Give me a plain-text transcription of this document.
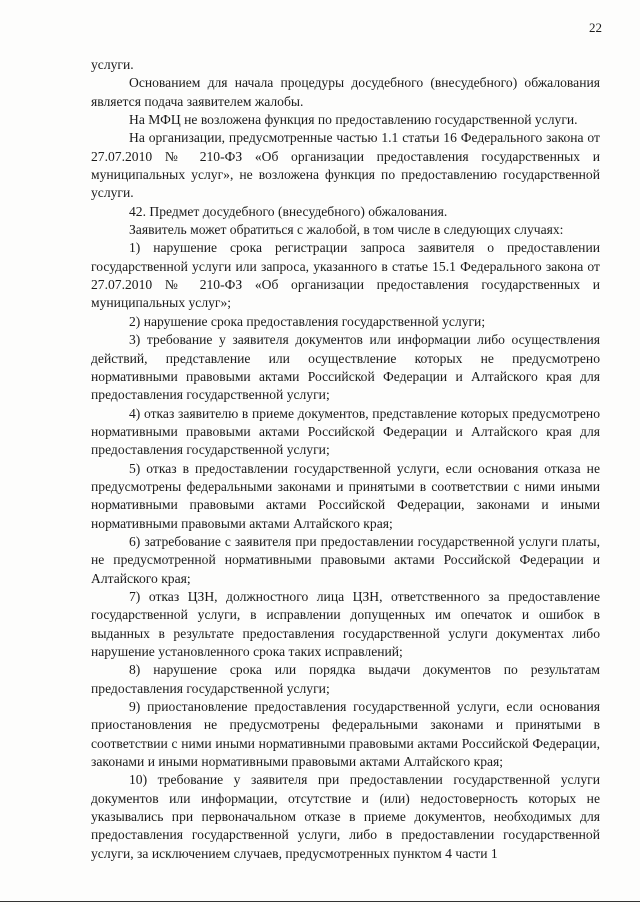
22

услуги.

Основанием для начала процедуры досудебного (внесудебного) обжалования является подача заявителем жалобы.

На МФЦ не возложена функция по предоставлению государственной услуги.

На организации, предусмотренные частью 1.1 статьи 16 Федерального закона от 27.07.2010 № 210-ФЗ «Об организации предоставления государственных и муниципальных услуг», не возложена функция по предоставлению государственной услуги.

42. Предмет досудебного (внесудебного) обжалования.

Заявитель может обратиться с жалобой, в том числе в следующих случаях:

1) нарушение срока регистрации запроса заявителя о предоставлении государственной услуги или запроса, указанного в статье 15.1 Федерального закона от 27.07.2010 № 210-ФЗ «Об организации предоставления государственных и муниципальных услуг»;

2) нарушение срока предоставления государственной услуги;

3) требование у заявителя документов или информации либо осуществления действий, представление или осуществление которых не предусмотрено нормативными правовыми актами Российской Федерации и Алтайского края для предоставления государственной услуги;

4) отказ заявителю в приеме документов, представление которых предусмотрено нормативными правовыми актами Российской Федерации и Алтайского края для предоставления государственной услуги;

5) отказ в предоставлении государственной услуги, если основания отказа не предусмотрены федеральными законами и принятыми в соответствии с ними иными нормативными правовыми актами Российской Федерации, законами и иными нормативными правовыми актами Алтайского края;

6) затребование с заявителя при предоставлении государственной услуги платы, не предусмотренной нормативными правовыми актами Российской Федерации и Алтайского края;

7) отказ ЦЗН, должностного лица ЦЗН, ответственного за предоставление государственной услуги, в исправлении допущенных им опечаток и ошибок в выданных в результате предоставления государственной услуги документах либо нарушение установленного срока таких исправлений;

8) нарушение срока или порядка выдачи документов по результатам предоставления государственной услуги;

9) приостановление предоставления государственной услуги, если основания приостановления не предусмотрены федеральными законами и принятыми в соответствии с ними иными нормативными правовыми актами Российской Федерации, законами и иными нормативными правовыми актами Алтайского края;

10) требование у заявителя при предоставлении государственной услуги документов или информации, отсутствие и (или) недостоверность которых не указывались при первоначальном отказе в приеме документов, необходимых для предоставления государственной услуги, либо в предоставлении государственной услуги, за исключением случаев, предусмотренных пунктом 4 части 1
